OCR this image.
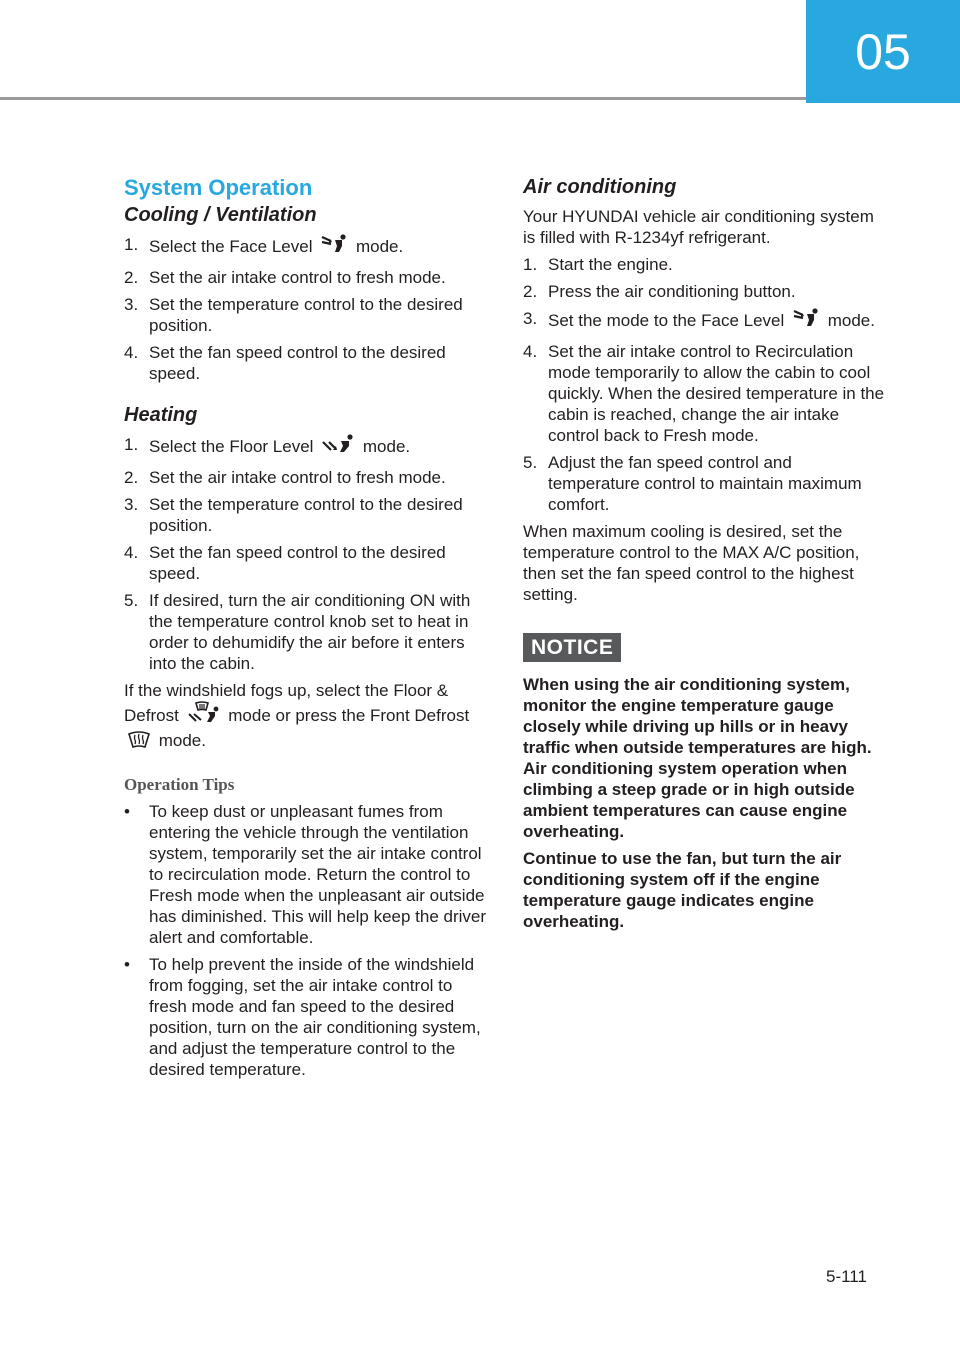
05
System Operation
Cooling / Ventilation
1. Select the Face Level	mode.
2. Set the air intake control to fresh mode.
3. Set the temperature control to the desired position.
4. Set the fan speed control to the desired speed.
Heating
1. Select the Floor Level	mode.
2. Set the air intake control to fresh mode.
3. Set the temperature control to the desired position.
4. Set the fan speed control to the desired speed.
5. If desired, turn the air conditioning ON with the temperature control knob set to heat in order to dehumidify the air before it enters into the cabin.

If the windshield fogs up, select the Floor & Defrost	mode or press the Front Defrost  mode.

Operation Tips
• To keep dust or unpleasant fumes from entering the vehicle through the ventilation system, temporarily set the air intake control to recirculation mode. Return the control to Fresh mode when the unpleasant air outside has diminished. This will help keep the driver alert and comfortable.
• To help prevent the inside of the windshield from fogging, set the air intake control to fresh mode and fan speed to the desired position, turn on the air conditioning system, and adjust the temperature control to the desired temperature.
Air conditioning

Your HYUNDAI vehicle air conditioning system is filled with R-1234yf refrigerant.

1. Start the engine.
2. Press the air conditioning button.
3. Set the mode to the Face Level	mode.
4. Set the air intake control to Recirculation mode temporarily to allow the cabin to cool quickly. When the desired temperature in the cabin is reached, change the air intake control back to Fresh mode.
5. Adjust the fan speed control and temperature control to maintain maximum comfort.

When maximum cooling is desired, set the temperature control to the MAX A/C position, then set the fan speed control to the highest setting.

NOTICE

When using the air conditioning system, monitor the engine temperature gauge closely while driving up hills or in heavy traffic when outside temperatures are high. Air conditioning system operation when climbing a steep grade or in high outside ambient temperatures can cause engine overheating.

Continue to use the fan, but turn the air conditioning system off if the engine temperature gauge indicates engine overheating.

5-111
